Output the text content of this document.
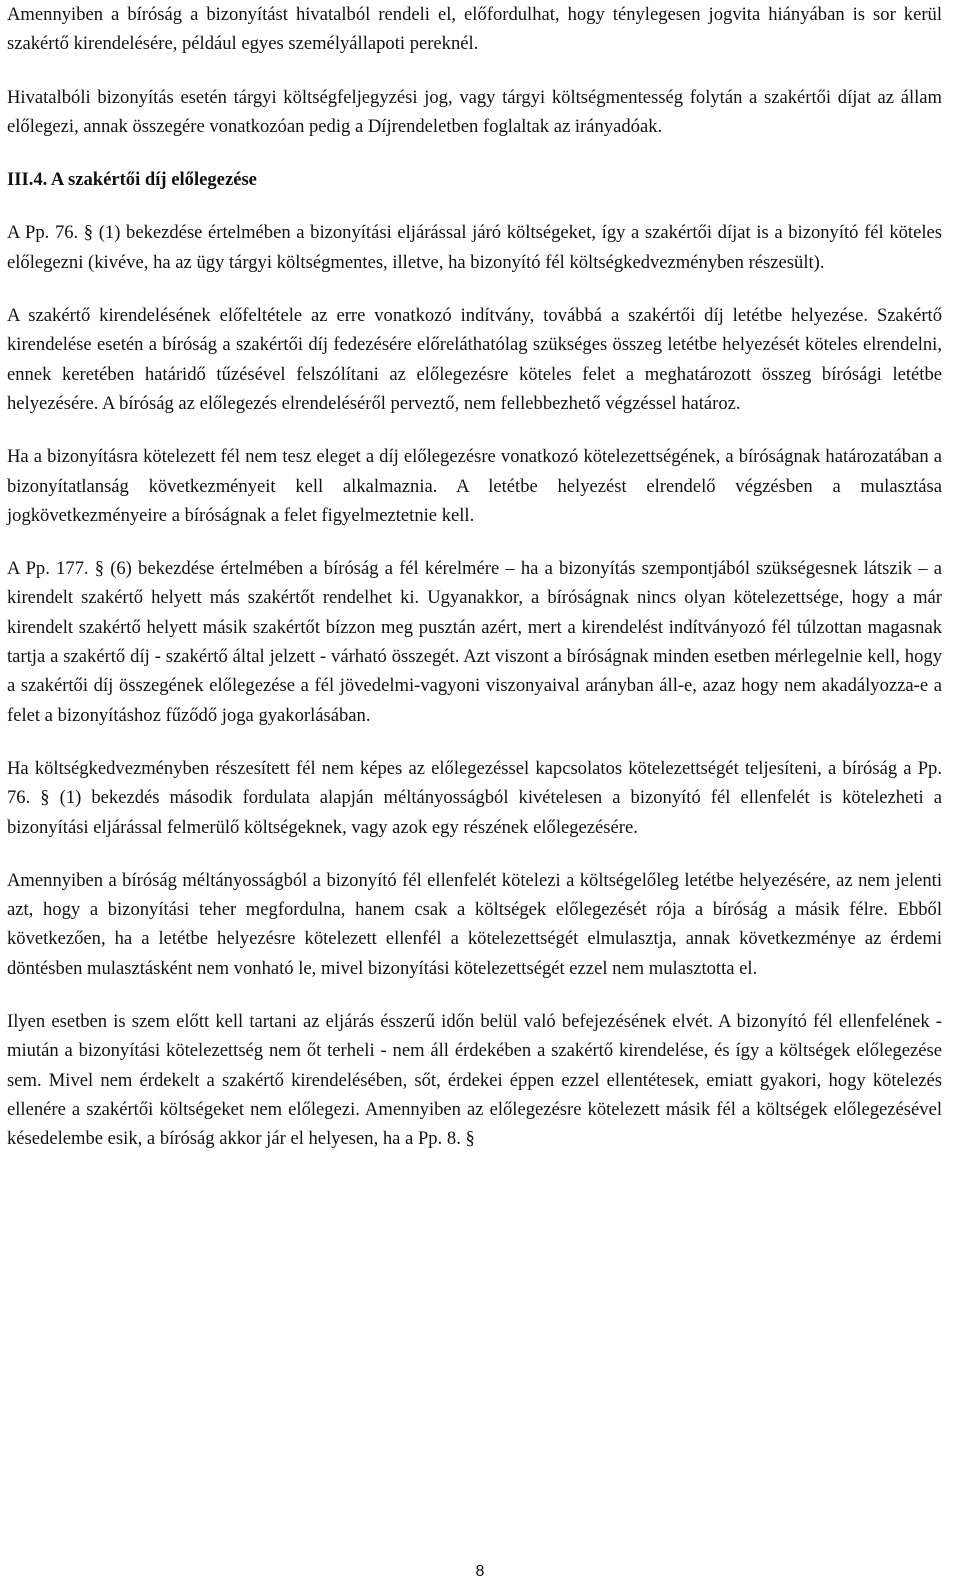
Amennyiben a bíróság a bizonyítást hivatalból rendeli el, előfordulhat, hogy ténylegesen jogvita hiányában is sor kerül szakértő kirendelésére, például egyes személyállapoti pereknél.

Hivatalbóli bizonyítás esetén tárgyi költségfeljegyzési jog, vagy tárgyi költségmentesség folytán a szakértői díjat az állam előlegezi, annak összegére vonatkozóan pedig a Díjrendeletben foglaltak az irányadóak.

III.4. A szakértői díj előlegezése

A Pp. 76. § (1) bekezdése értelmében a bizonyítási eljárással járó költségeket, így a szakértői díjat is a bizonyító fél köteles előlegezni (kivéve, ha az ügy tárgyi költségmentes, illetve, ha bizonyító fél költségkedvezményben részesült).

A szakértő kirendelésének előfeltétele az erre vonatkozó indítvány, továbbá a szakértői díj letétbe helyezése. Szakértő kirendelése esetén a bíróság a szakértői díj fedezésére előreláthatólag szükséges összeg letétbe helyezését köteles elrendelni, ennek keretében határidő tűzésével felszólítani az előlegezésre köteles felet a meghatározott összeg bírósági letétbe helyezésére. A bíróság az előlegezés elrendeléséről perveztő, nem fellebbezhető végzéssel határoz.

Ha a bizonyításra kötelezett fél nem tesz eleget a díj előlegezésre vonatkozó kötelezettségének, a bíróságnak határozatában a bizonyítatlanság következményeit kell alkalmaznia. A letétbe helyezést elrendelő végzésben a mulasztása jogkövetkezményeire a bíróságnak a felet figyelmeztetnie kell.

A Pp. 177. § (6) bekezdése értelmében a bíróság a fél kérelmére – ha a bizonyítás szempontjából szükségesnek látszik – a kirendelt szakértő helyett más szakértőt rendelhet ki. Ugyanakkor, a bíróságnak nincs olyan kötelezettsége, hogy a már kirendelt szakértő helyett másik szakértőt bízzon meg pusztán azért, mert a kirendelést indítványozó fél túlzottan magasnak tartja a szakértő díj - szakértő által jelzett - várható összegét. Azt viszont a bíróságnak minden esetben mérlegelnie kell, hogy a szakértői díj összegének előlegezése a fél jövedelmi-vagyoni viszonyaival arányban áll-e, azaz hogy nem akadályozza-e a felet a bizonyításhoz fűződő joga gyakorlásában.

Ha költségkedvezményben részesített fél nem képes az előlegezéssel kapcsolatos kötelezettségét teljesíteni, a bíróság a Pp. 76. § (1) bekezdés második fordulata alapján méltányosságból kivételesen a bizonyító fél ellenfelét is kötelezheti a bizonyítási eljárással felmerülő költségeknek, vagy azok egy részének előlegezésére.

Amennyiben a bíróság méltányosságból a bizonyító fél ellenfelét kötelezi a költségelőleg letétbe helyezésére, az nem jelenti azt, hogy a bizonyítási teher megfordulna, hanem csak a költségek előlegezését rója a bíróság a másik félre. Ebből következően, ha a letétbe helyezésre kötelezett ellenfél a kötelezettségét elmulasztja, annak következménye az érdemi döntésben mulasztásként nem vonható le, mivel bizonyítási kötelezettségét ezzel nem mulasztotta el.

Ilyen esetben is szem előtt kell tartani az eljárás ésszerű időn belül való befejezésének elvét. A bizonyító fél ellenfelének - miután a bizonyítási kötelezettség nem őt terheli - nem áll érdekében a szakértő kirendelése, és így a költségek előlegezése sem. Mivel nem érdekelt a szakértő kirendelésében, sőt, érdekei éppen ezzel ellentétesek, emiatt gyakori, hogy kötelezés ellenére a szakértői költségeket nem előlegezi. Amennyiben az előlegezésre kötelezett másik fél a költségek előlegezésével késedelembe esik, a bíróság akkor jár el helyesen, ha a Pp. 8. §

8
